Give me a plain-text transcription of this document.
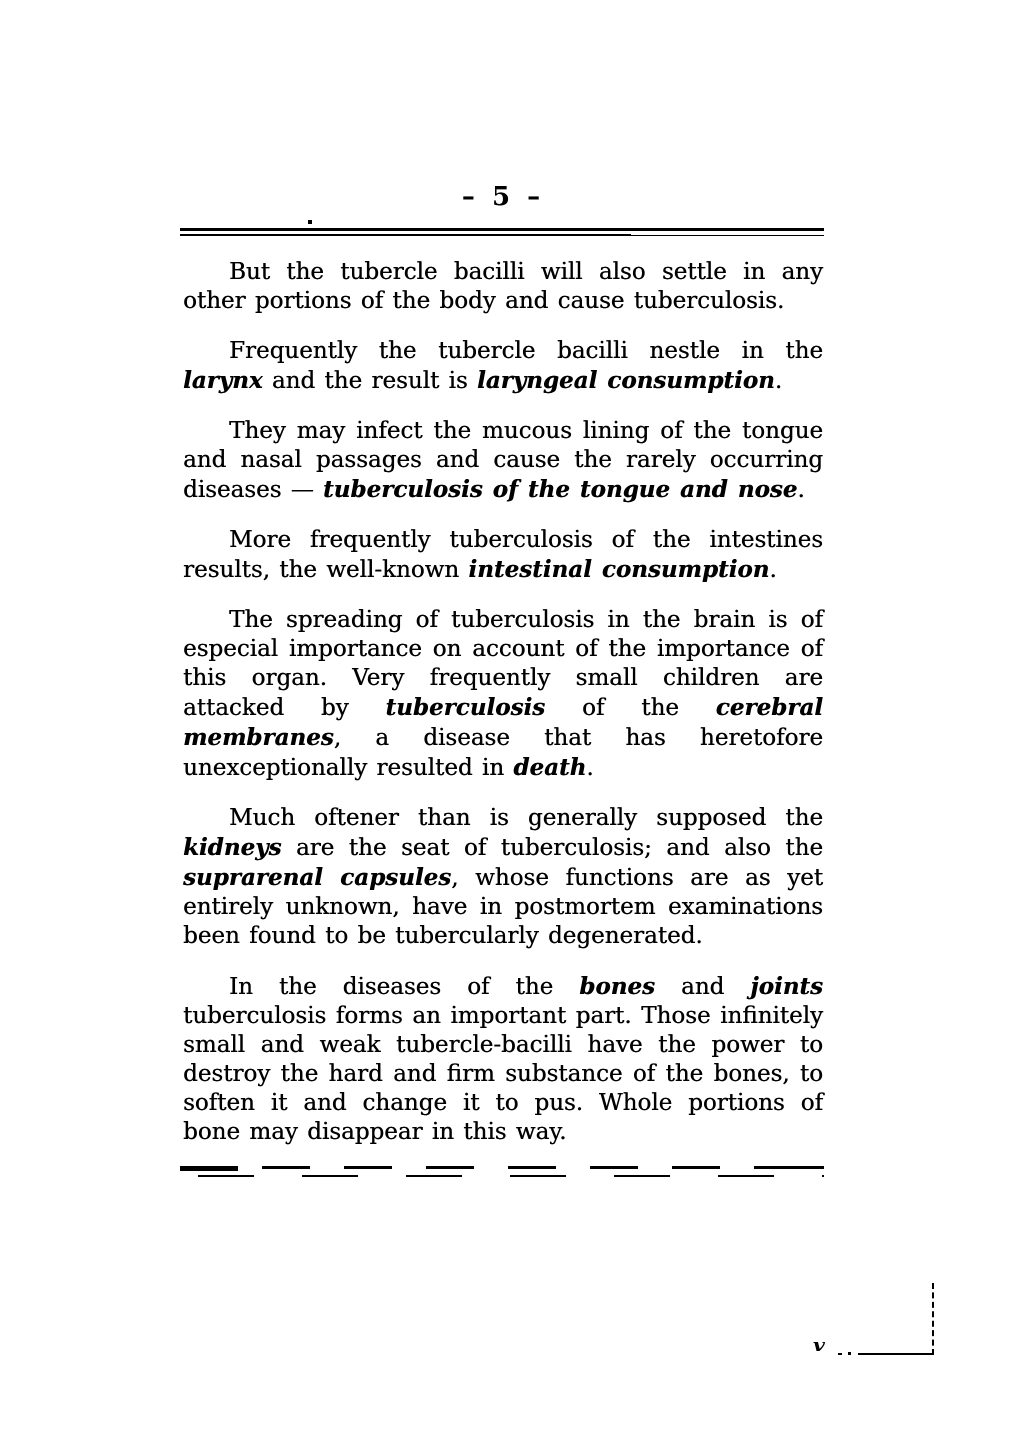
– 5 –

But the tubercle bacilli will also settle in any other portions of the body and cause tuberculosis.

Frequently the tubercle bacilli nestle in the larynx and the result is laryngeal consumption.

They may infect the mucous lining of the tongue and nasal passages and cause the rarely occurring diseases — tuberculosis of the tongue and nose.

More frequently tuberculosis of the intestines results, the well-known intestinal consumption.

The spreading of tuberculosis in the brain is of especial importance on account of the importance of this organ. Very frequently small children are attacked by tuberculosis of the cerebral membranes, a disease that has heretofore unexceptionally resulted in death.

Much oftener than is generally supposed the kidneys are the seat of tuberculosis; and also the suprarenal capsules, whose functions are as yet entirely unknown, have in postmortem examinations been found to be tubercularly degenerated.

In the diseases of the bones and joints tuberculosis forms an important part. Those infinitely small and weak tubercle-bacilli have the power to destroy the hard and firm substance of the bones, to soften it and change it to pus. Whole portions of bone may disappear in this way.

v
